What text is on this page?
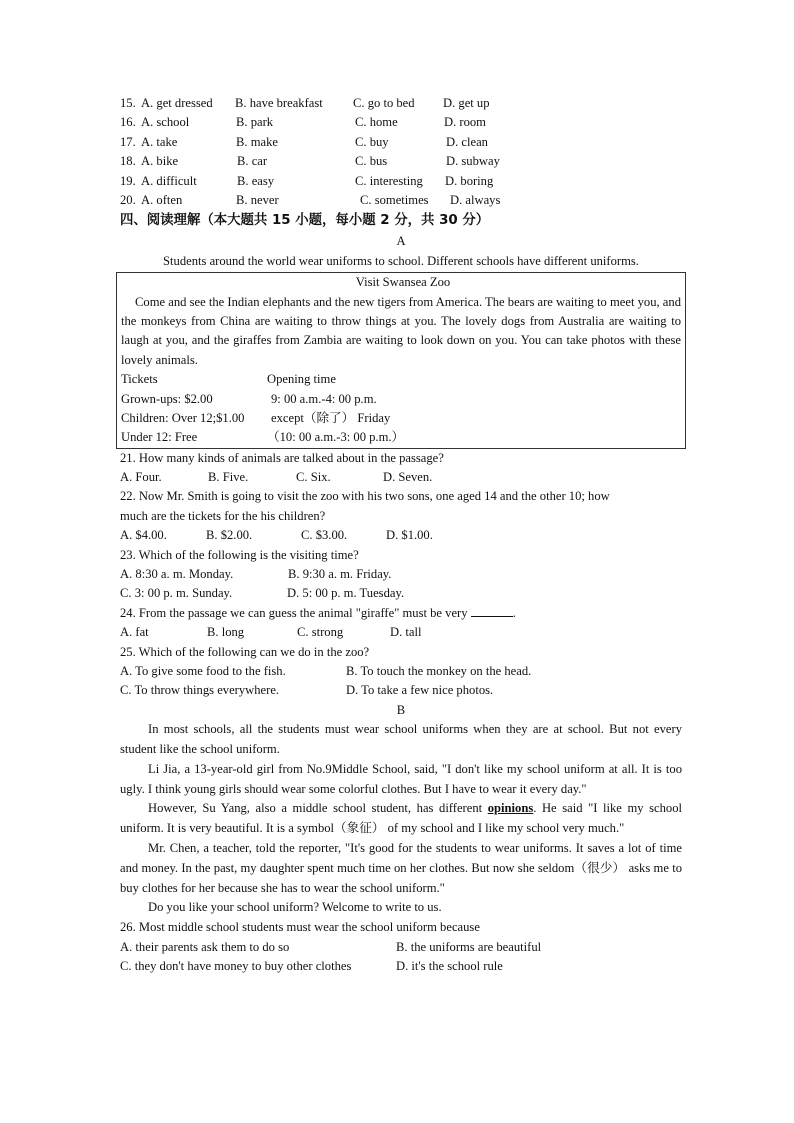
15. A. get dressed B. have breakfast C. go to bed D. get up
16. A. school	B. park	C. home	D. room
17. A. take	B. make	C. buy	D. clean
18. A. bike	B. car	C. bus	D. subway
19. A. difficult	B. easy	C. interesting D. boring
20. A. often	B. never	C. sometimes D. always
四、阅读理解（本大题共 15 小题，每小题 2 分，共 30 分）
A
Students around the world wear uniforms to school. Different schools have different uniforms.
Visit Swansea Zoo
Come and see the Indian elephants and the new tigers from America. The bears are waiting to meet you, and the monkeys from China are waiting to throw things at you. The lovely dogs from Australia are waiting to laugh at you, and the giraffes from Zambia are waiting to look down on you. You can take photos with these lovely animals.
Tickets	Opening time
Grown-ups: $2.00	9: 00 a.m.-4: 00 p.m.
Children: Over 12;$1.00 except（除了） Friday
Under 12: Free	（10: 00 a.m.-3: 00 p.m.）
21. How many kinds of animals are talked about in the passage?
A. Four.	B. Five.	C. Six.	D. Seven.
22. Now Mr. Smith is going to visit the zoo with his two sons, one aged 14 and the other 10; how
much are the tickets for the his children?
A. $4.00.	B. $2.00.	C. $3.00.	D. $1.00.
23. Which of the following is the visiting time?
A. 8:30 a. m. Monday.	B. 9:30 a. m. Friday.
C. 3: 00 p. m. Sunday.	D. 5: 00 p. m. Tuesday.
24. From the passage we can guess the animal "giraffe" must be very	.
A. fat	B. long	C. strong	D. tall
25. Which of the following can we do in the zoo?
A. To give some food to the fish.	B. To touch the monkey on the head.
C. To throw things everywhere.	D. To take a few nice photos.
B
In most schools, all the students must wear school uniforms when they are at school. But not every student like the school uniform.
Li Jia, a 13-year-old girl from No.9Middle School, said, "I don't like my school uniform at all. It is too ugly. I think young girls should wear some colorful clothes. But I have to wear it every day."
However, Su Yang, also a middle school student, has different opinions. He said "I like my school uniform. It is very beautiful. It is a symbol（象征） of my school and I like my school very much."
Mr. Chen, a teacher, told the reporter, "It's good for the students to wear uniforms. It saves a lot of time and money. In the past, my daughter spent much time on her clothes. But now she seldom（很少） asks me to buy clothes for her because she has to wear the school uniform."
Do you like your school uniform? Welcome to write to us.
26. Most middle school students must wear the school uniform because
A. their parents ask them to do so	B. the uniforms are beautiful
C. they don't have money to buy other clothes	D. it's the school rule
